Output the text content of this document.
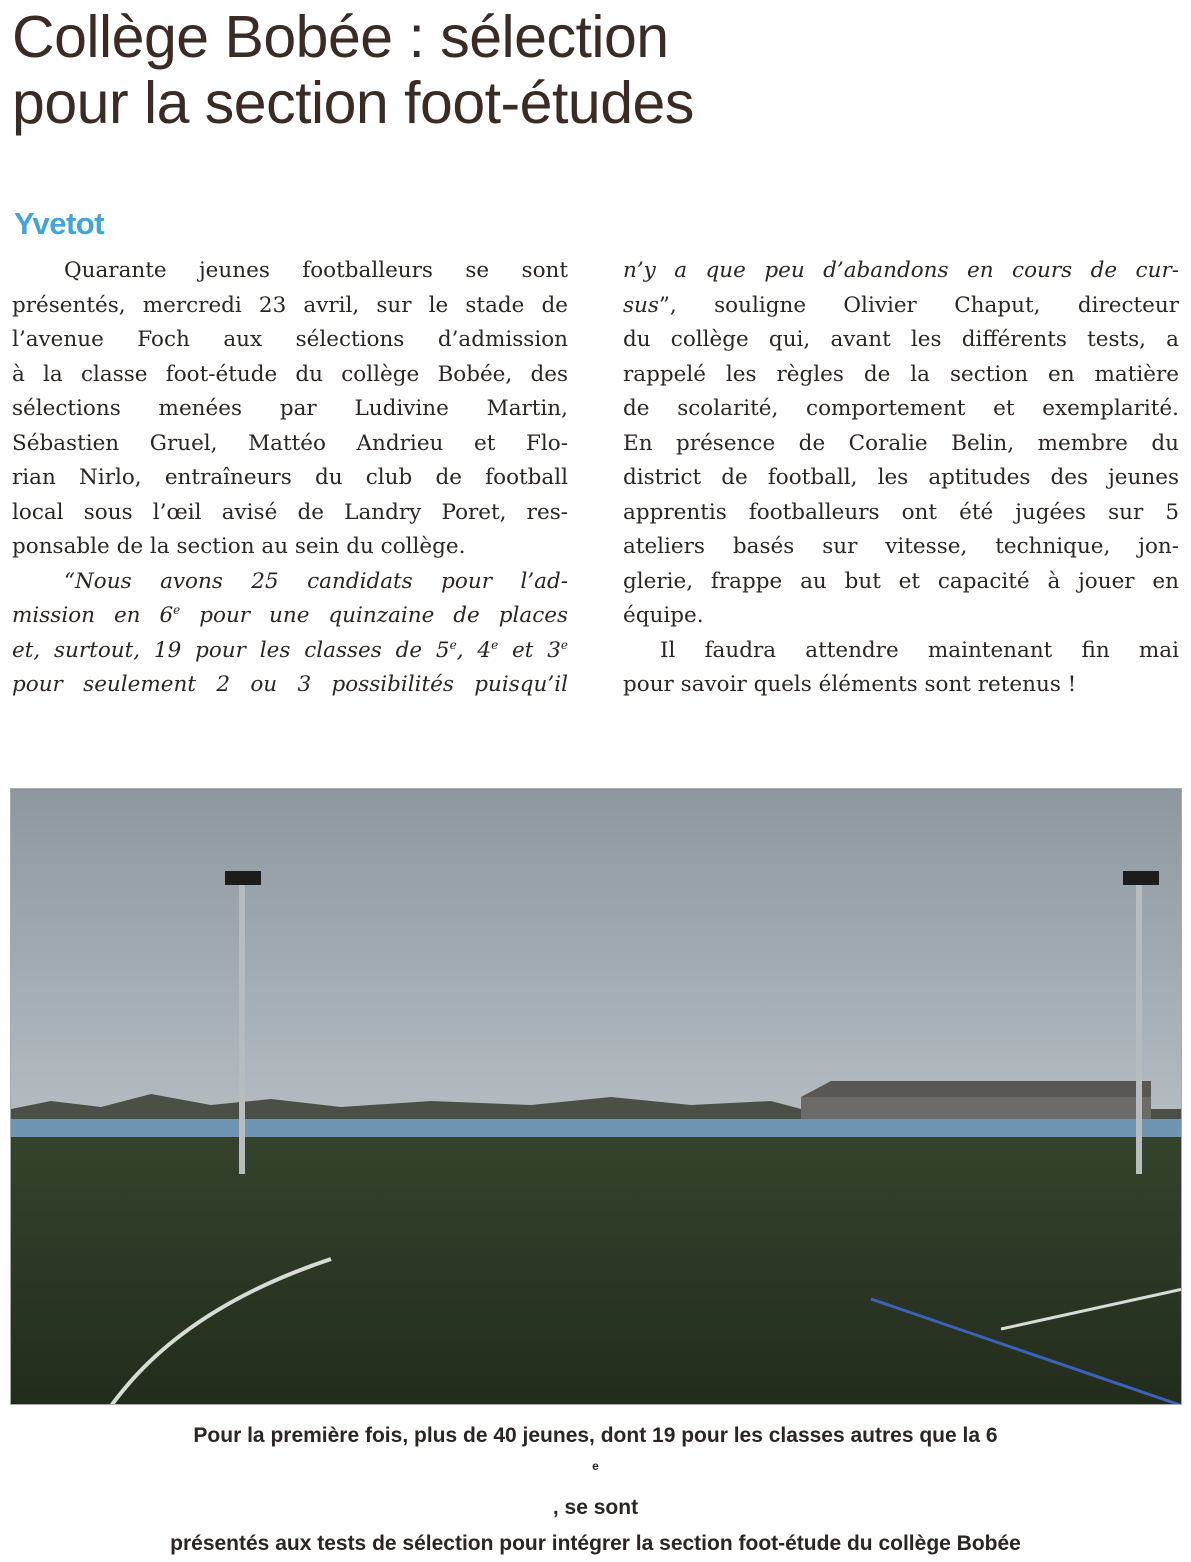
Collège Bobée : sélection
pour la section foot-études
Yvetot
Quarante jeunes footballeurs se sont
présentés, mercredi 23 avril, sur le stade de
l’avenue Foch aux sélections d’admission
à la classe foot-étude du collège Bobée, des
sélections menées par Ludivine Martin,
Sébastien Gruel, Mattéo Andrieu et Flo-
rian Nirlo, entraîneurs du club de football
local sous l’œil avisé de Landry Poret, res-
ponsable de la section au sein du collège.
“Nous avons 25 candidats pour l’ad-
mission en 6e pour une quinzaine de places
et, surtout, 19 pour les classes de 5e, 4e et 3e
pour seulement 2 ou 3 possibilités puisqu’il
n’y a que peu d’abandons en cours de cur-
sus”, souligne Olivier Chaput, directeur
du collège qui, avant les différents tests, a
rappelé les règles de la section en matière
de scolarité, comportement et exemplarité.
En présence de Coralie Belin, membre du
district de football, les aptitudes des jeunes
apprentis footballeurs ont été jugées sur 5
ateliers basés sur vitesse, technique, jon-
glerie, frappe au but et capacité à jouer en
équipe.
Il faudra attendre maintenant fin mai
pour savoir quels éléments sont retenus !
Pour la première fois, plus de 40 jeunes, dont 19 pour les classes autres que la 6
$^e$
, se sont
présentés aux tests de sélection pour intégrer la section foot-étude du collège Bobée
